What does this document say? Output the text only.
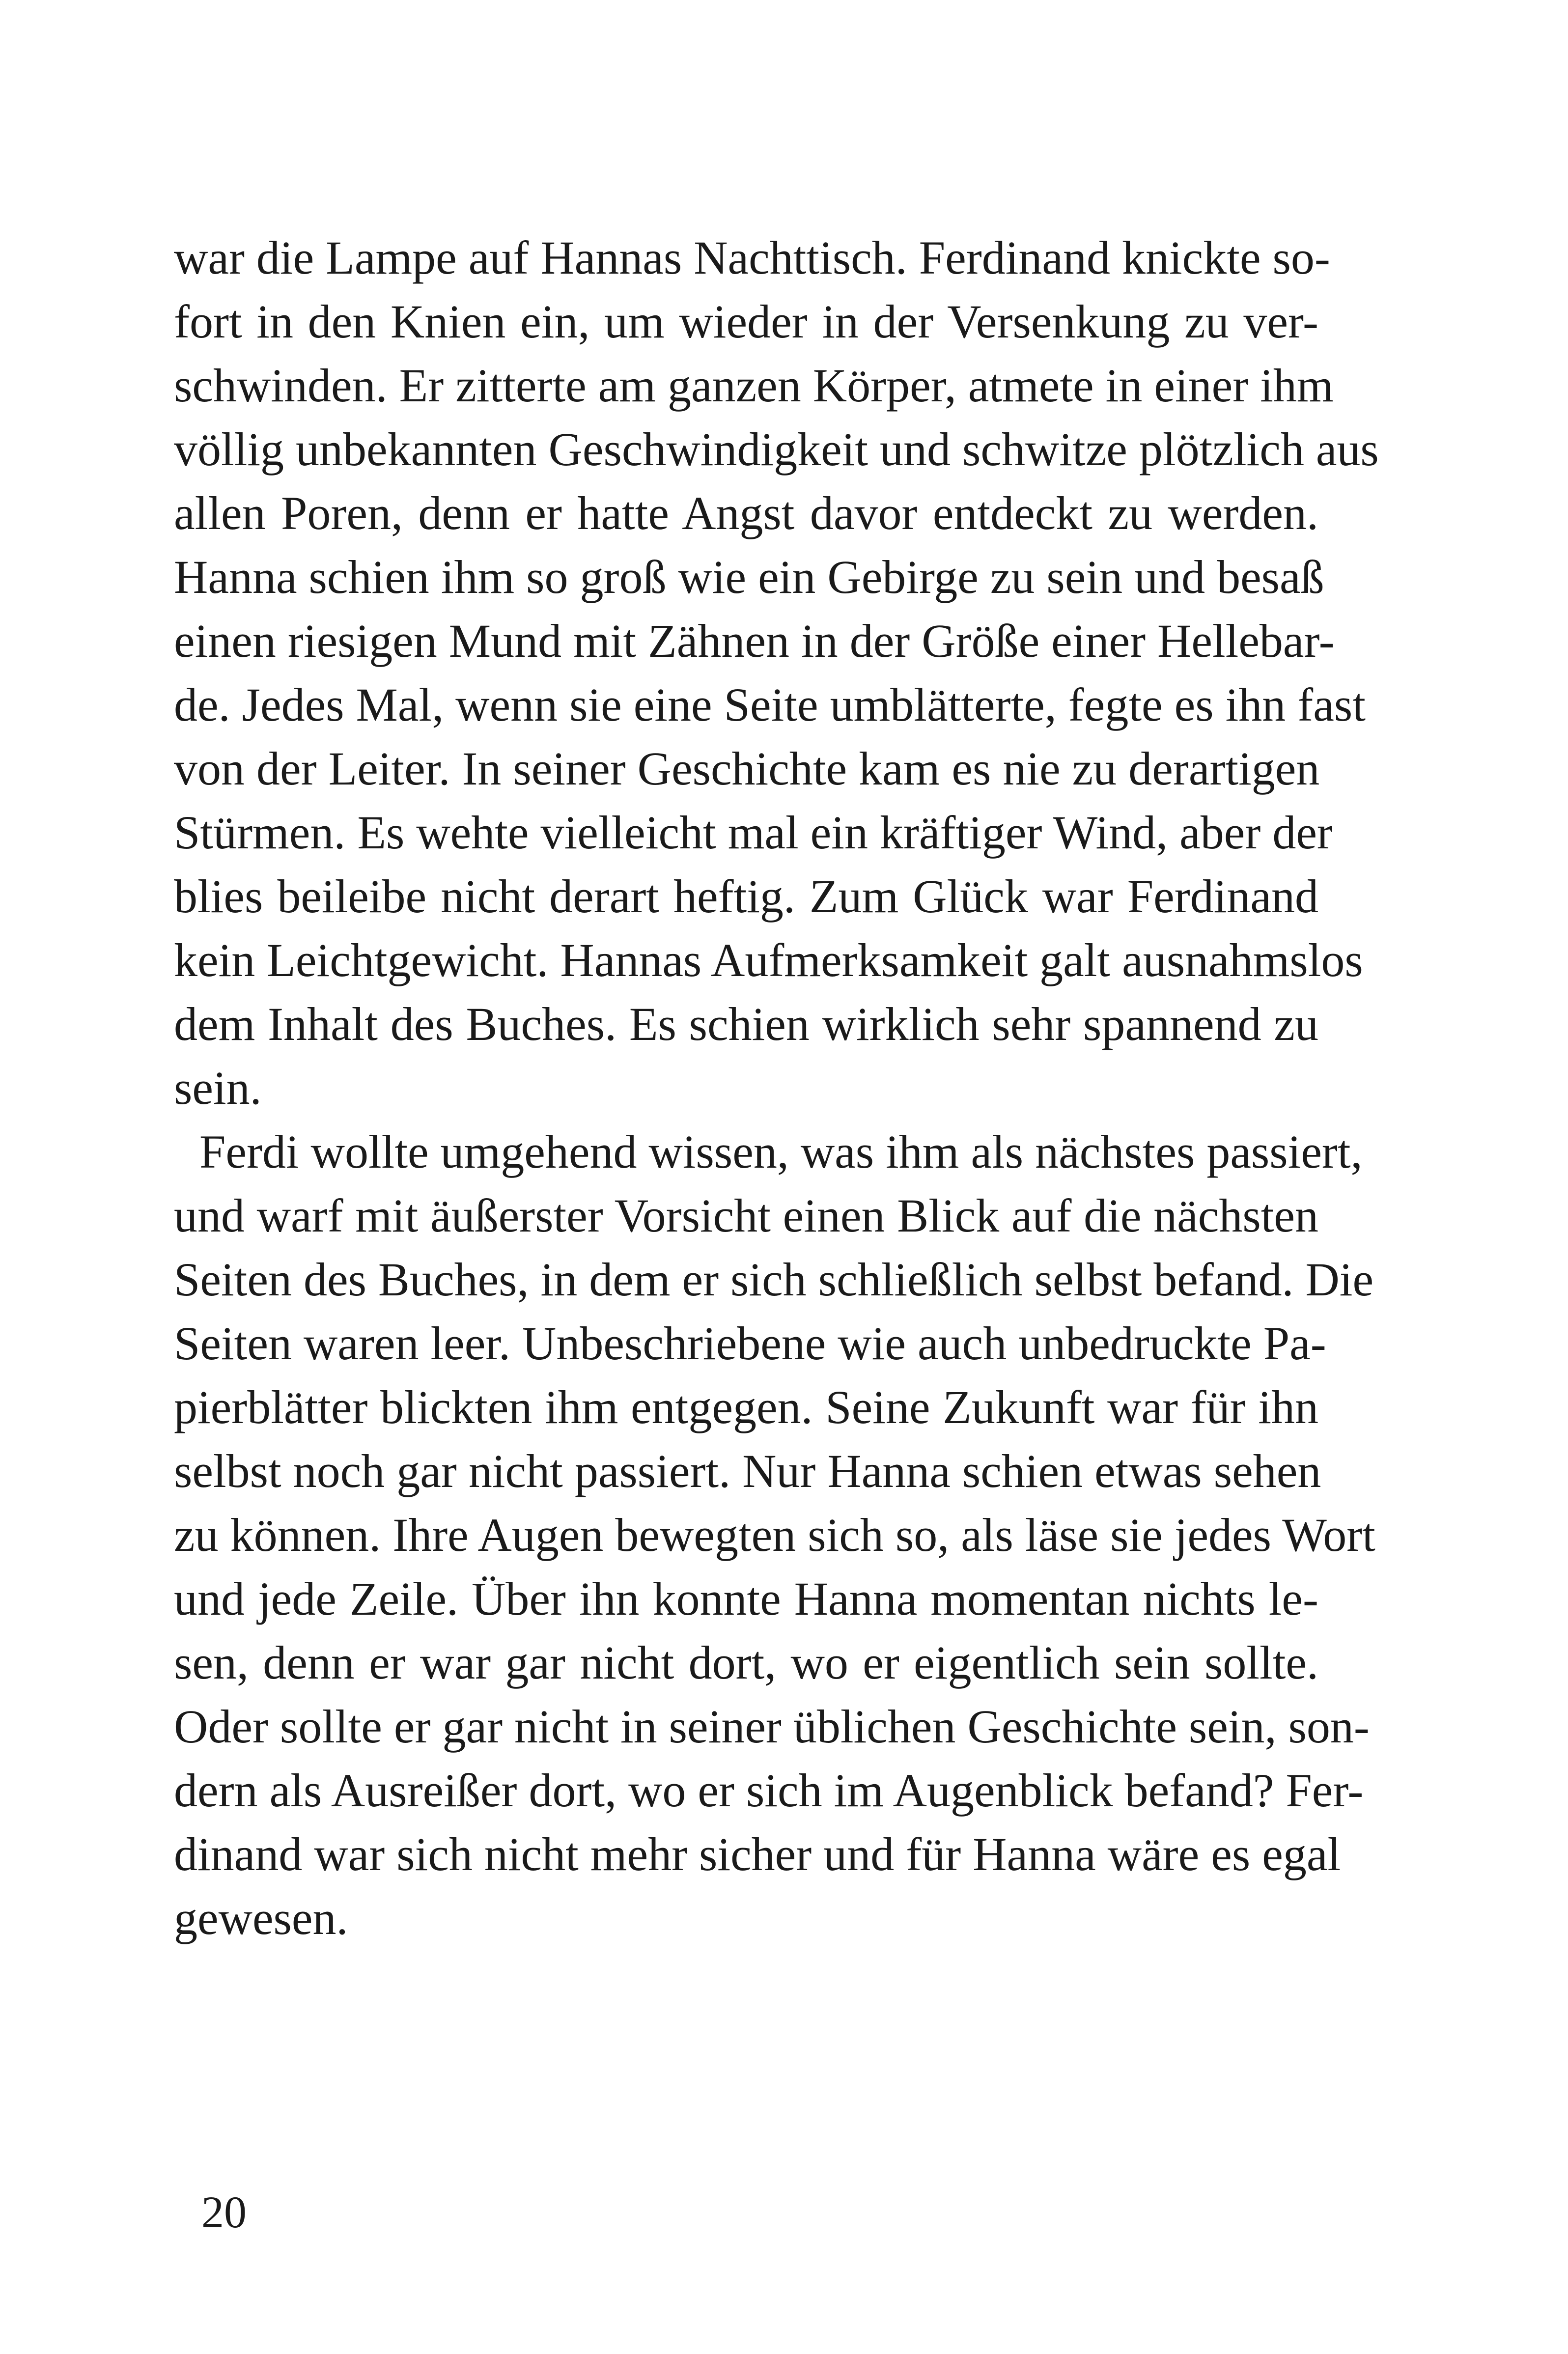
war die Lampe auf Hannas Nachttisch. Ferdinand knickte so-
fort in den Knien ein, um wieder in der Versenkung zu ver-
schwinden. Er zitterte am ganzen Körper, atmete in einer ihm
völlig unbekannten Geschwindigkeit und schwitze plötzlich aus
allen Poren, denn er hatte Angst davor entdeckt zu werden.
Hanna schien ihm so groß wie ein Gebirge zu sein und besaß
einen riesigen Mund mit Zähnen in der Größe einer Hellebar-
de. Jedes Mal, wenn sie eine Seite umblätterte, fegte es ihn fast
von der Leiter. In seiner Geschichte kam es nie zu derartigen
Stürmen. Es wehte vielleicht mal ein kräftiger Wind, aber der
blies beileibe nicht derart heftig. Zum Glück war Ferdinand
kein Leichtgewicht. Hannas Aufmerksamkeit galt ausnahmslos
dem Inhalt des Buches. Es schien wirklich sehr spannend zu
sein.
Ferdi wollte umgehend wissen, was ihm als nächstes passiert,
und warf mit äußerster Vorsicht einen Blick auf die nächsten
Seiten des Buches, in dem er sich schließlich selbst befand. Die
Seiten waren leer. Unbeschriebene wie auch unbedruckte Pa-
pierblätter blickten ihm entgegen. Seine Zukunft war für ihn
selbst noch gar nicht passiert. Nur Hanna schien etwas sehen
zu können. Ihre Augen bewegten sich so, als läse sie jedes Wort
und jede Zeile. Über ihn konnte Hanna momentan nichts le-
sen, denn er war gar nicht dort, wo er eigentlich sein sollte.
Oder sollte er gar nicht in seiner üblichen Geschichte sein, son-
dern als Ausreißer dort, wo er sich im Augenblick befand? Fer-
dinand war sich nicht mehr sicher und für Hanna wäre es egal
gewesen.
20
